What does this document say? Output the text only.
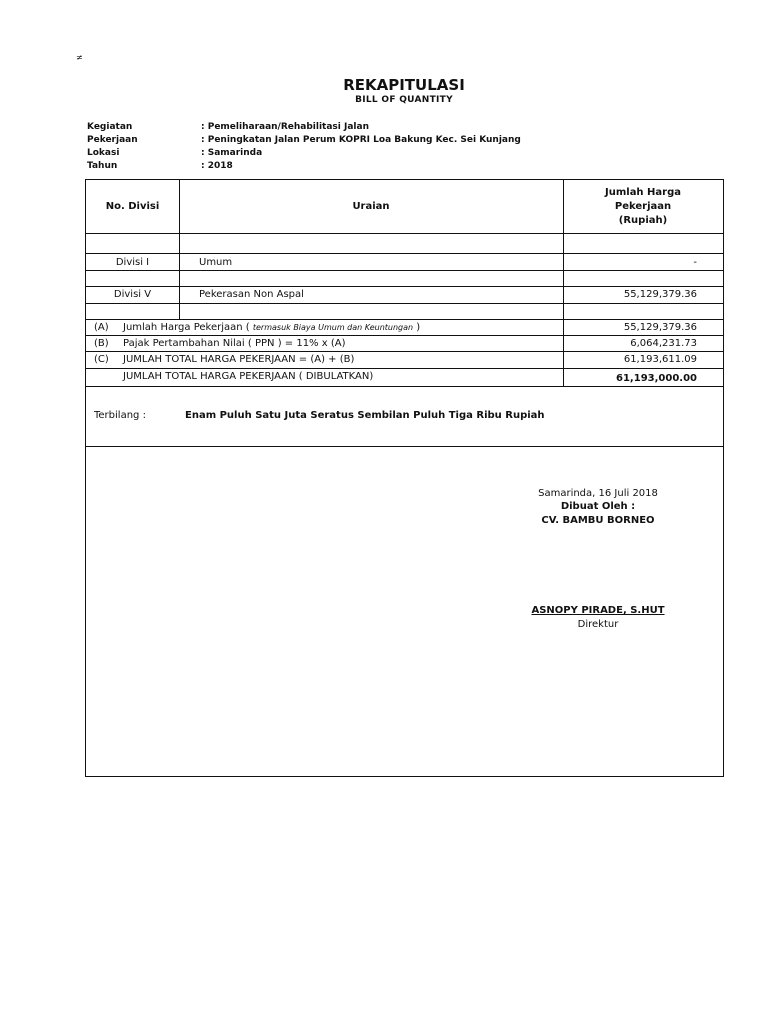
≠
REKAPITULASI
BILL OF QUANTITY
Kegiatan	: Pemeliharaan/Rehabilitasi Jalan
Pekerjaan	: Peningkatan Jalan Perum KOPRI Loa Bakung Kec. Sei Kunjang
Lokasi	: Samarinda
Tahun	: 2018
No. Divisi	Uraian
Jumlah Harga
Pekerjaan
(Rupiah)
Divisi I	Umum	-
Divisi V	Pekerasan Non Aspal	55,129,379.36
(A) Jumlah Harga Pekerjaan ( termasuk Biaya Umum dan Keuntungan )	55,129,379.36
(B) Pajak Pertambahan Nilai ( PPN ) = 11% x (A)	6,064,231.73
(C) JUMLAH TOTAL HARGA PEKERJAAN = (A) + (B)	61,193,611.09
JUMLAH TOTAL HARGA PEKERJAAN ( DIBULATKAN)	61,193,000.00
Terbilang :	Enam Puluh Satu Juta Seratus Sembilan Puluh Tiga Ribu Rupiah
Samarinda, 16 Juli 2018
Dibuat Oleh :
CV. BAMBU BORNEO
ASNOPY PIRADE, S.HUT
Direktur
